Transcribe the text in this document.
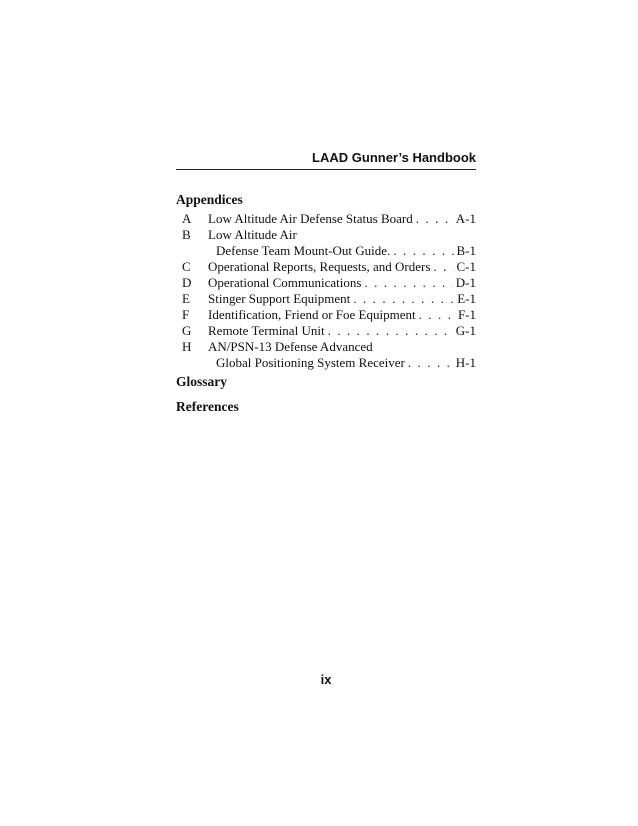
LAAD Gunner’s Handbook
Appendices
A	Low Altitude Air Defense Status Board . . .	A-1
B	Low Altitude Air
Defense Team Mount-Out Guide. . . .	B-1
C	Operational Reports, Requests, and Orders . . . C-1
D	Operational Communications . . .	D-1
E	Stinger Support Equipment . . .	E-1
F	Identification, Friend or Foe Equipment . . .	F-1
G	Remote Terminal Unit . . .	G-1
H	AN/PSN-13 Defense Advanced
Global Positioning System Receiver . . .	H-1
Glossary
References
ix
